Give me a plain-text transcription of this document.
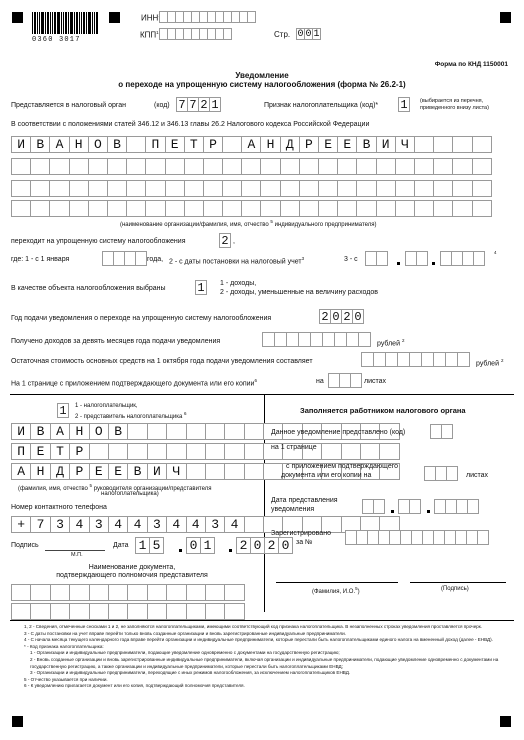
0360 3017
ИНН
КПП$^1$	Стр. 0 0 1
Форма по КНД 1150001
Уведомление
о переходе на упрощенную систему налогообложения (форма № 26.2-1)
Представляется в налоговый орган	(код) 7 7 2 1	Признак налогоплательщика (код)* 1	(выбирается из перечня, приведенного внизу листа)
В соответствии с положениями статей 346.12 и 346.13 главы 26.2 Налогового кодекса Российской Федерации
И В А Н О В	П Е Т Р	А Н Д Р Е Е В И Ч
(наименование организации/фамилия, имя, отчество $^5$ индивидуального предпринимателя)
переходит на упрощенную систему налогообложения	2 ,
где: 1 - с 1 января	года, 2 - с даты постановки на налоговый учет$^3$	3 - с
4
В качестве объекта налогообложения выбраны	1	1 - доходы,
2 - доходы, уменьшенные на величину расходов
Год подачи уведомления о переходе на упрощенную систему налогообложения	2 0 2 0
Получено доходов за девять месяцев года подачи уведомления	рублей $^2$
Остаточная стоимость основных средств на 1 октября года подачи уведомления составляет	рублей $^2$
На 1 странице с приложением подтверждающего документа или его копии$^6$	на	листах
1	1 - налогоплательщик,
2 - представитель налогоплательщика $^6$
И В А Н О В
П Е Т Р
А Н Д Р Е Е В И Ч
(фамилия, имя, отчество $^5$ руководителя организации/представителя
налогоплательщика)
Номер контактного телефона
+ 7 3 4 3 4 4 3 4 4 3 4
Подпись
М.П.
Дата 1 5 0 1 2 0 2 0
Наименование документа,
подтверждающего полномочия представителя
Заполняется работником налогового органа
Данное уведомление представлено (код)
на 1 странице
с приложением подтверждающего
документа или его копии на	листах
Дата представления
уведомления
Зарегистрировано
за №
(Фамилия, И.О.$^5$)	(Подпись)

1, 2 - Сведения, отмеченные сносками 1 и 2, не заполняются налогоплательщиками, имеющими соответствующий код признака налогоплательщика. В незаполненных строках уведомления проставляется прочерк.

3 - С даты постановки на учет вправе перейти только вновь созданные организации и вновь зарегистрированные индивидуальные предприниматели.

4 - С начала месяца текущего календарного года вправе перейти организации и индивидуальные предприниматели, которые перестали быть налогоплательщиками единого налога на вмененный доход (далее - ЕНВД).

* - Код признака налогоплательщика:

1 - Организации и индивидуальные предприниматели, подающие уведомление одновременно с документами на государственную регистрацию;

2 - Вновь созданные организации и вновь зарегистрированные индивидуальные предприниматели, включая организации и индивидуальные предприниматели, подающие уведомление одновременно с документами на государственную регистрацию, а также организации и индивидуальные предприниматели, которые перестали быть налогоплательщиками ЕНВД;

3 - Организации и индивидуальные предприниматели, переходящие с иных режимов налогообложения, за исключением налогоплательщиков ЕНВД.

5 - Отчество указывается при наличии.

6 - К уведомлению прилагается документ или его копия, подтверждающий полномочия представителя.
